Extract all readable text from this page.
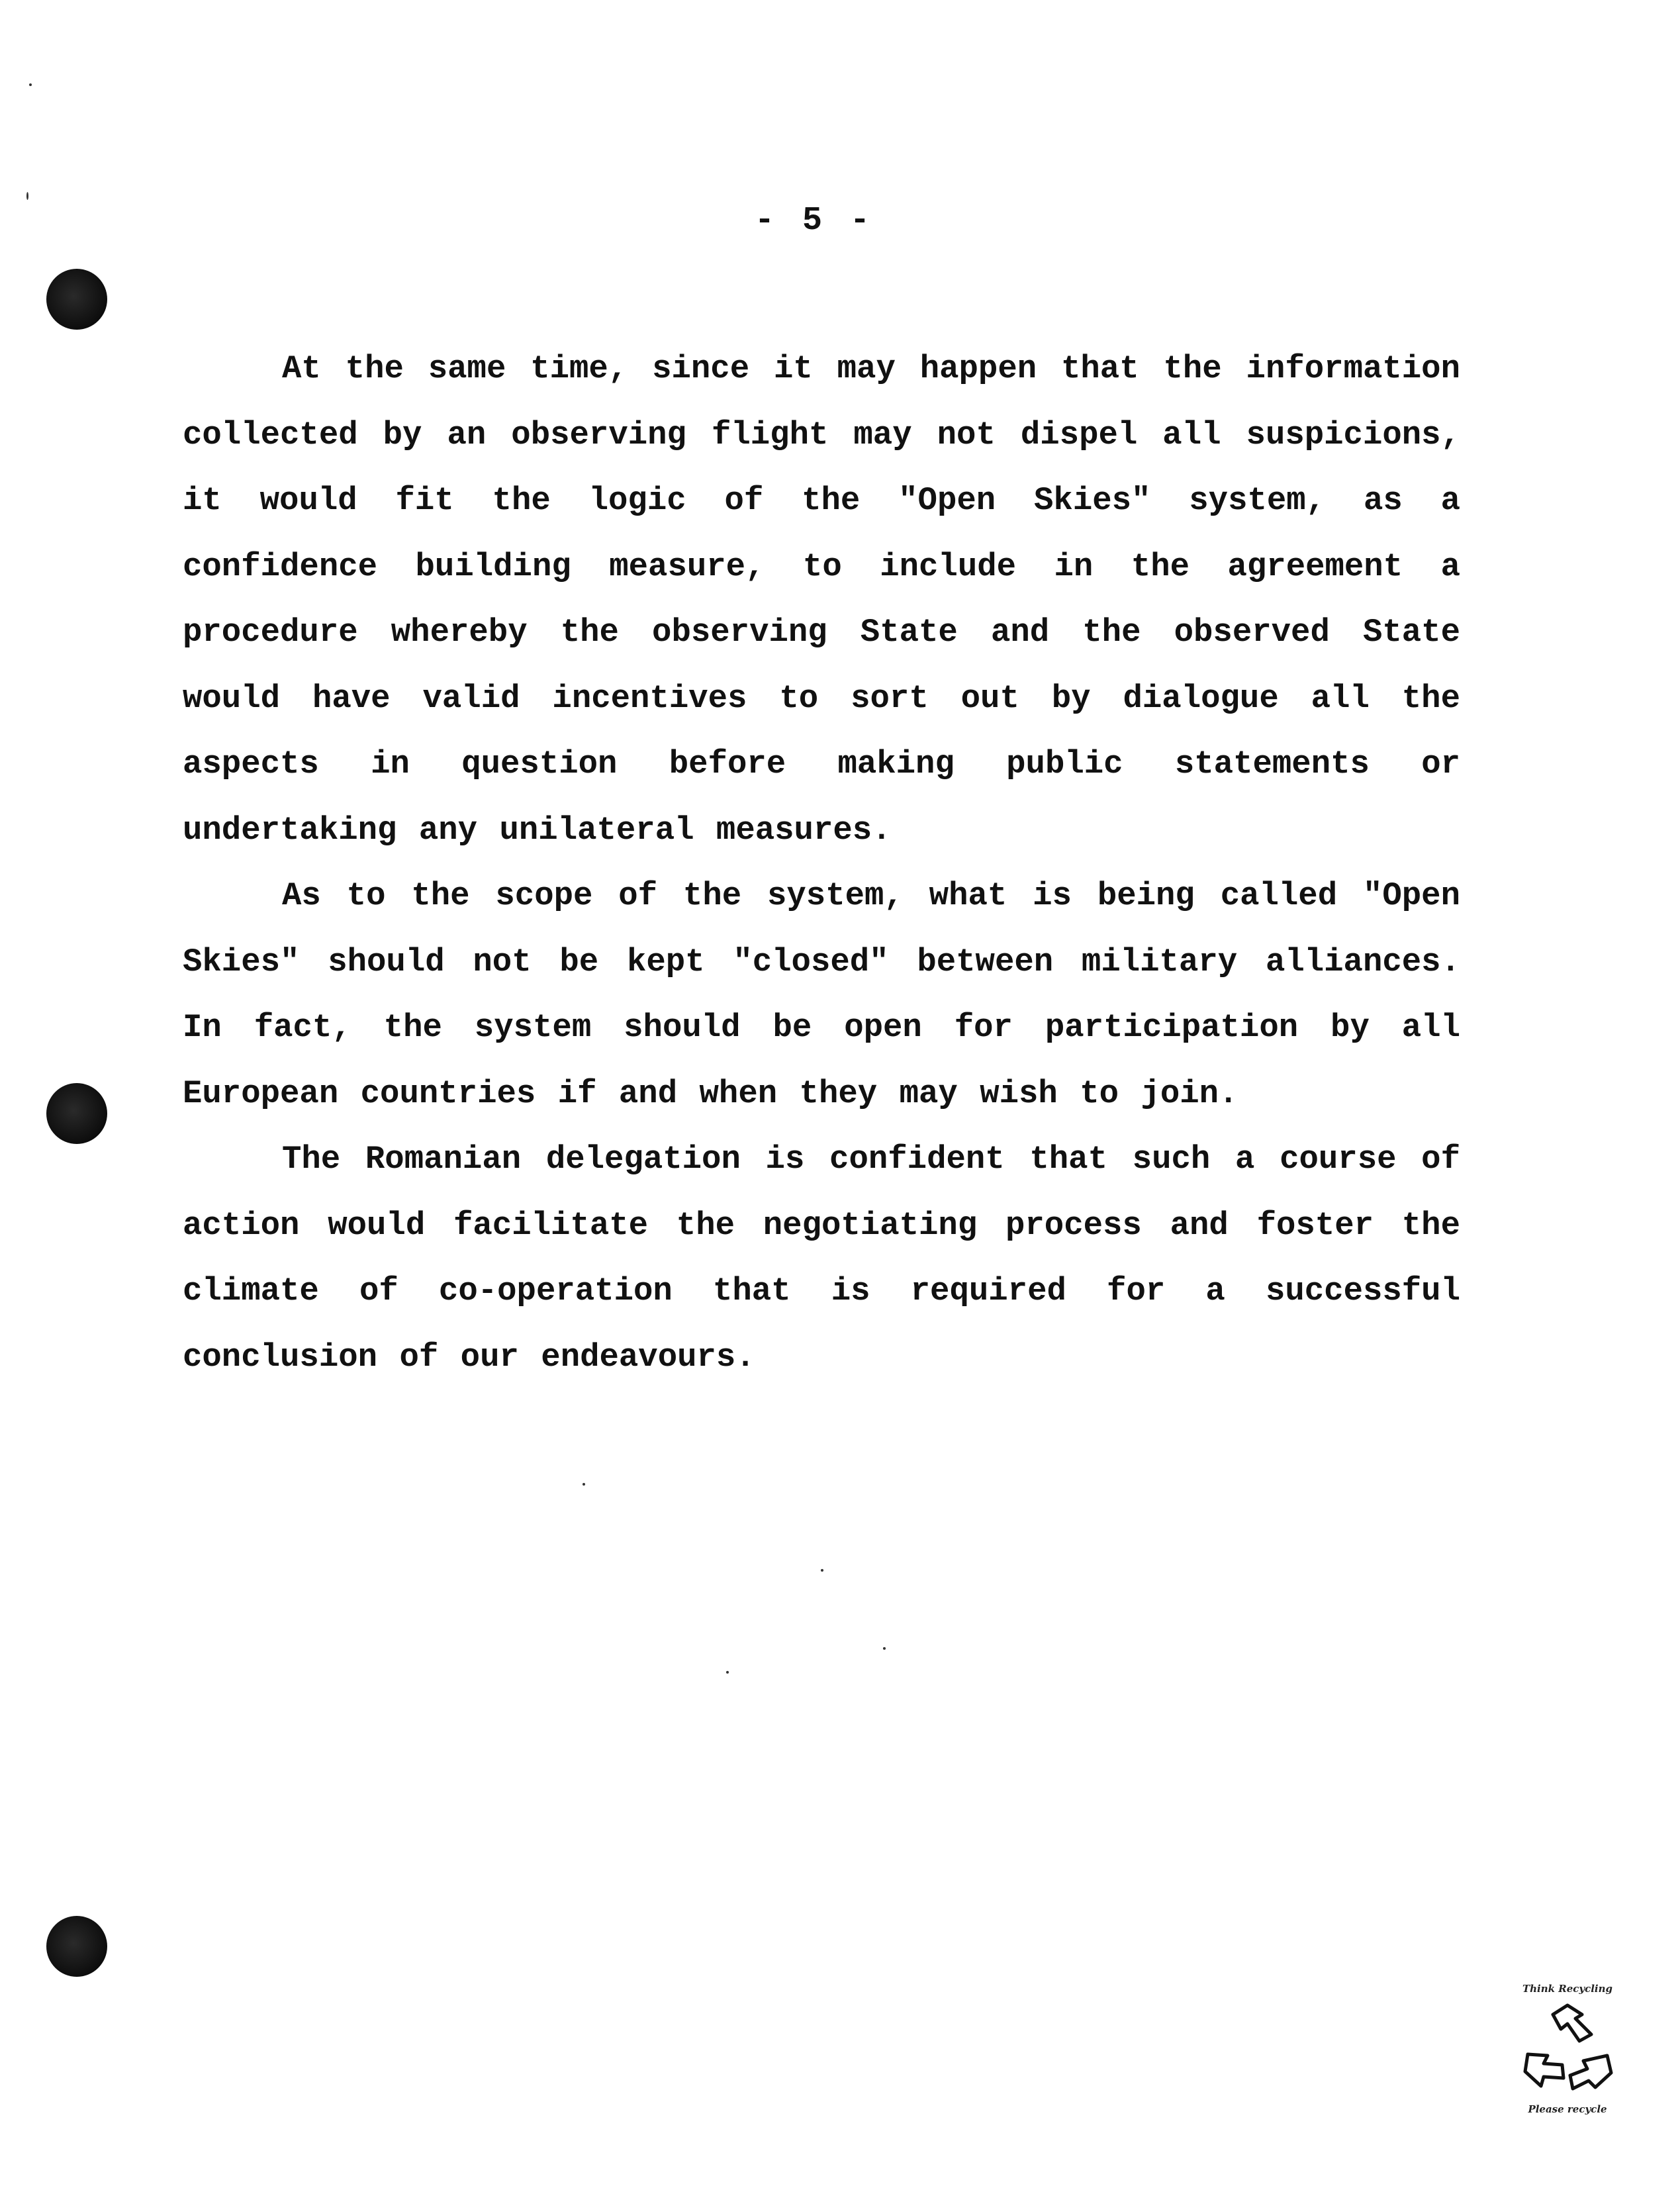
- 5 -

At the same time, since it may happen that the information collected by an observing flight may not dispel all suspicions, it would fit the logic of the "Open Skies" system, as a confidence building measure, to include in the agreement a procedure whereby the observing State and the observed State would have valid incentives to sort out by dialogue all the aspects in question before making public statements or undertaking any unilateral measures.

As to the scope of the system, what is being called "Open Skies" should not be kept "closed" between military alliances. In fact, the system should be open for participation by all European countries if and when they may wish to join.

The Romanian delegation is confident that such a course of action would facilitate the negotiating process and foster the climate of co-operation that is required for a successful conclusion of our endeavours.

Think Recycling
Please recycle
